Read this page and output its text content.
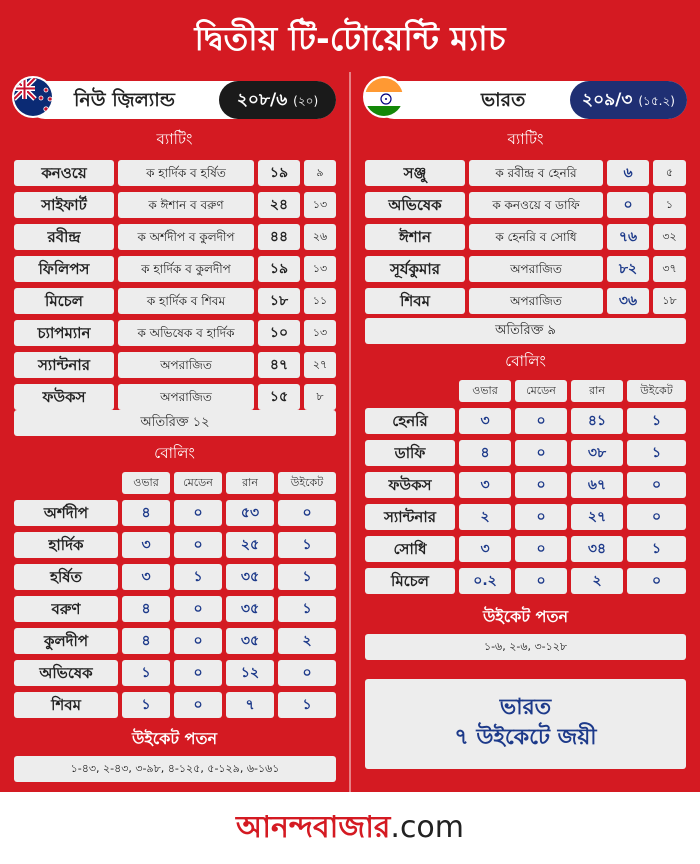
দ্বিতীয় টি-টোয়েন্টি ম্যাচ
নিউ জ়িল্যান্ড	২০৮/৬ (২০)
ব্যাটিং
কনওয়ে	ক হার্দিক ব হর্ষিত	১৯	৯
সাইফার্ট	ক ঈশান ব বরুণ	২৪	১৩
রবীন্দ্র	ক অর্শদীপ ব কুলদীপ	৪৪	২৬
ফিলিপস	ক হার্দিক ব কুলদীপ	১৯	১৩
মিচেল	ক হার্দিক ব শিবম	১৮	১১
চ্যাপম্যান	ক অভিষেক ব হার্দিক	১০	১৩
স্যান্টনার	অপরাজিত	৪৭	২৭
ফউকস	অপরাজিত	১৫	৮
অতিরিক্ত ১২
বোলিং
ওভার	মেডেন	রান	উইকেট
অর্শদীপ	৪	০	৫৩	০
হার্দিক	৩	০	২৫	১
হর্ষিত	৩	১	৩৫	১
বরুণ	৪	০	৩৫	১
কুলদীপ	৪	০	৩৫	২
অভিষেক	১	০	১২	০
শিবম	১	০	৭	১
উইকেট পতন
১-৪৩, ২-৪৩, ৩-৯৮, ৪-১২৫, ৫-১২৯, ৬-১৬১
ভারত	২০৯/৩ (১৫.২)
ব্যাটিং
সঞ্জু	ক রবীন্দ্র ব হেনরি	৬	৫
অভিষেক	ক কনওয়ে ব ডাফি	০	১
ঈশান	ক হেনরি ব সোধি	৭৬	৩২
সূর্যকুমার	অপরাজিত	৮২	৩৭
শিবম	অপরাজিত	৩৬	১৮
অতিরিক্ত ৯
বোলিং
ওভার	মেডেন	রান	উইকেট
হেনরি	৩	০	৪১	১
ডাফি	৪	০	৩৮	১
ফউকস	৩	০	৬৭	০
স্যান্টনার	২	০	২৭	০
সোধি	৩	০	৩৪	১
মিচেল	০.২	০	২	০
উইকেট পতন
১-৬, ২-৬, ৩-১২৮
ভারত
৭ উইকেটে জয়ী
আনন্দবাজার.com
